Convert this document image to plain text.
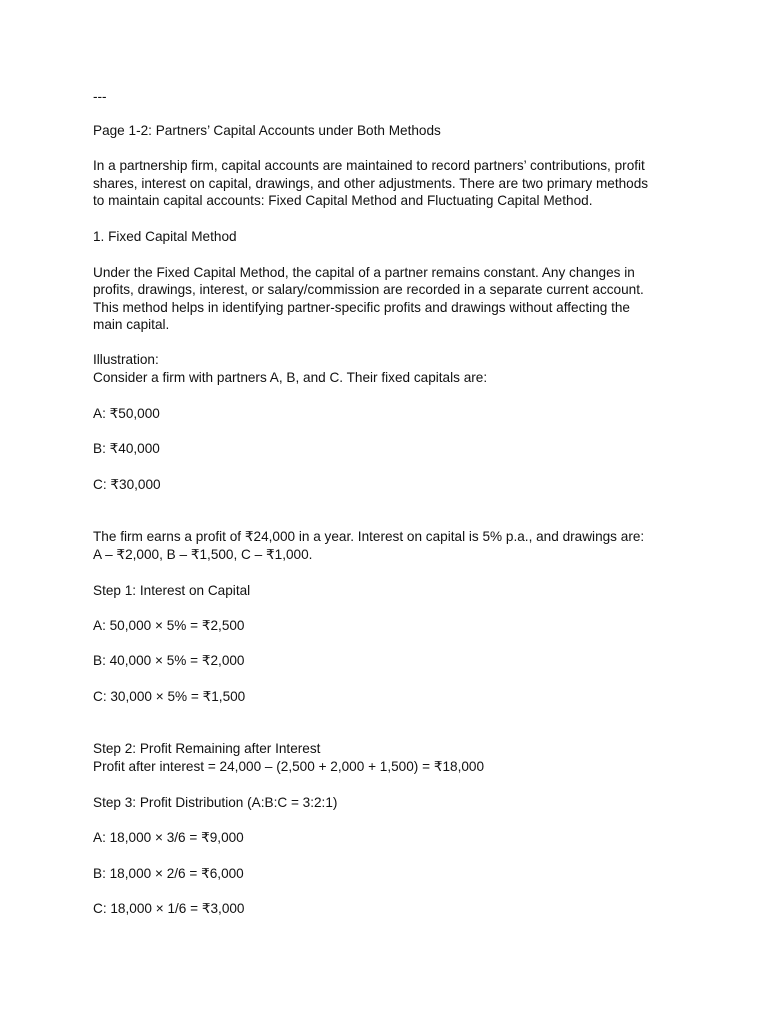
---
Page 1-2: Partners’ Capital Accounts under Both Methods
In a partnership firm, capital accounts are maintained to record partners’ contributions, profit
shares, interest on capital, drawings, and other adjustments. There are two primary methods
to maintain capital accounts: Fixed Capital Method and Fluctuating Capital Method.
1. Fixed Capital Method
Under the Fixed Capital Method, the capital of a partner remains constant. Any changes in
profits, drawings, interest, or salary/commission are recorded in a separate current account.
This method helps in identifying partner-specific profits and drawings without affecting the
main capital.
Illustration:
Consider a firm with partners A, B, and C. Their fixed capitals are:
A: ₹50,000
B: ₹40,000
C: ₹30,000
The firm earns a profit of ₹24,000 in a year. Interest on capital is 5% p.a., and drawings are:
A – ₹2,000, B – ₹1,500, C – ₹1,000.
Step 1: Interest on Capital
A: 50,000 × 5% = ₹2,500
B: 40,000 × 5% = ₹2,000
C: 30,000 × 5% = ₹1,500
Step 2: Profit Remaining after Interest
Profit after interest = 24,000 – (2,500 + 2,000 + 1,500) = ₹18,000
Step 3: Profit Distribution (A:B:C = 3:2:1)
A: 18,000 × 3/6 = ₹9,000
B: 18,000 × 2/6 = ₹6,000
C: 18,000 × 1/6 = ₹3,000
